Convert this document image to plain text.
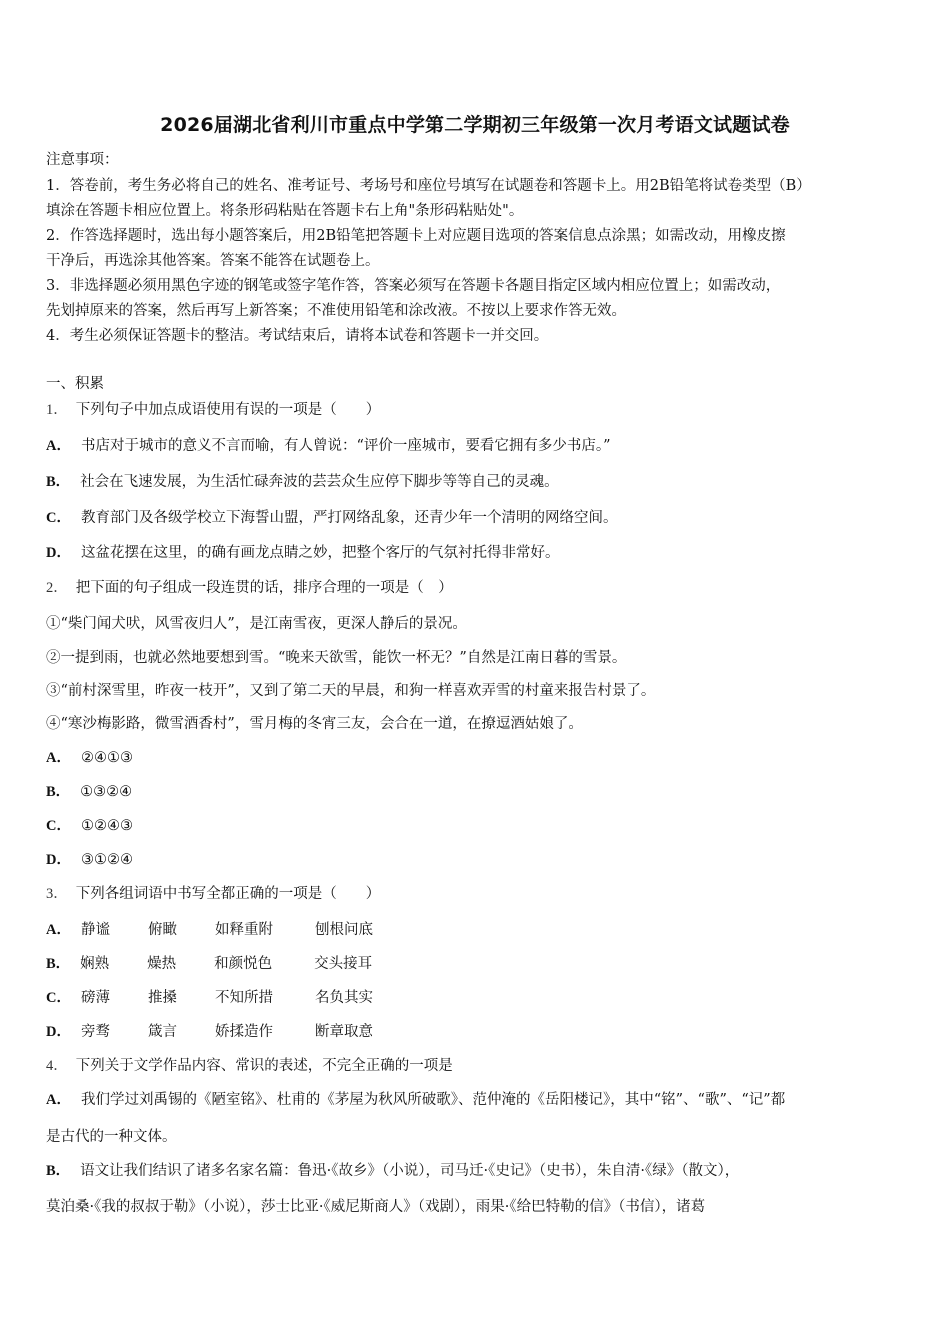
2026届湖北省利川市重点中学第二学期初三年级第一次月考语文试题试卷
注意事项：
1．答卷前，考生务必将自己的姓名、准考证号、考场号和座位号填写在试题卷和答题卡上。用2B铅笔将试卷类型（B）
填涂在答题卡相应位置上。将条形码粘贴在答题卡右上角"条形码粘贴处"。
2．作答选择题时，选出每小题答案后，用2B铅笔把答题卡上对应题目选项的答案信息点涂黑；如需改动，用橡皮擦
干净后，再选涂其他答案。答案不能答在试题卷上。
3．非选择题必须用黑色字迹的钢笔或签字笔作答，答案必须写在答题卡各题目指定区域内相应位置上；如需改动，
先划掉原来的答案，然后再写上新答案；不准使用铅笔和涂改液。不按以上要求作答无效。
4．考生必须保证答题卡的整洁。考试结束后，请将本试卷和答题卡一并交回。
一、积累
1． 下列句子中加点成语使用有误的一项是（　　）
A． 书店对于城市的意义不言而喻，有人曾说：“评价一座城市，要看它拥有多少书店。”
B． 社会在飞速发展，为生活忙碌奔波的芸芸众生应停下脚步等等自己的灵魂。
C． 教育部门及各级学校立下海誓山盟，严打网络乱象，还青少年一个清明的网络空间。
D． 这盆花摆在这里，的确有画龙点睛之妙，把整个客厅的气氛衬托得非常好。
2． 把下面的句子组成一段连贯的话，排序合理的一项是（　）
①“柴门闻犬吠，风雪夜归人”，是江南雪夜，更深人静后的景况。
②一提到雨，也就必然地要想到雪。“晚来天欲雪，能饮一杯无？”自然是江南日暮的雪景。
③“前村深雪里，昨夜一枝开”，又到了第二天的早晨，和狗一样喜欢弄雪的村童来报告村景了。
④“寒沙梅影路，微雪酒香村”，雪月梅的冬宵三友，会合在一道，在撩逗酒姑娘了。
A． ②④①③
B． ①③②④
C． ①②④③
D． ③①②④
3． 下列各组词语中书写全都正确的一项是（　　）
A． 静谧	俯瞰	如释重附	刨根问底
B． 娴熟	燥热	和颜悦色	交头接耳
C． 磅薄	推搡	不知所措	名负其实
D． 旁骛	箴言	娇揉造作	断章取意
4． 下列关于文学作品内容、常识的表述，不完全正确的一项是
A． 我们学过刘禹锡的《陋室铭》、杜甫的《茅屋为秋风所破歌》、范仲淹的《岳阳楼记》，其中“铭”、“歌”、“记”都
是古代的一种文体。
B． 语文让我们结识了诸多名家名篇：鲁迅·《故乡》（小说），司马迁·《史记》（史书），朱自清·《绿》（散文），
莫泊桑·《我的叔叔于勒》（小说），莎士比亚·《威尼斯商人》（戏剧），雨果·《给巴特勒的信》（书信），诸葛
